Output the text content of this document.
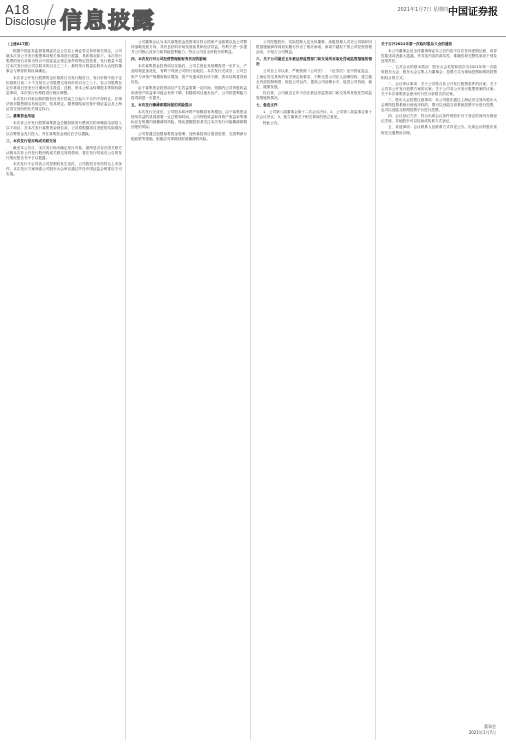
A18
Disclosure 信息披露	2021年1月7日 星期四 中国证券报

（上接A17版）

根据中国证券监督管理委员会公告及上海证券交易所相关规定，公司就本次非公开发行股票事项相关事项进行披露，具体情况如下。本次发行股票的发行对象为符合中国证监会规定条件的特定投资者，发行数量不超过本次发行前公司总股本的百分之三十，最终发行数量由股东大会授权董事会与保荐机构协商确定。

本次非公开发行股票的定价基准日为发行期首日，发行价格不低于定价基准日前二十个交易日公司股票交易均价的百分之八十。若公司股票在定价基准日至发行日期间发生派息、送股、资本公积金转增股本等除权除息事项，本次发行价格将进行相应调整。

本次发行对象认购的股份自发行结束之日起六个月内不得转让。法律法规对限售期另有规定的，依其规定。限售期结束后按中国证监会及上海证券交易所的有关规定执行。

二、募集资金用途

本次非公开发行股票募集资金总额扣除发行费用后的净额拟全部投入以下项目，在本次发行募集资金到位前，公司将根据项目进度的实际情况以自筹资金先行投入，并在募集资金到位后予以置换。

三、本次发行是否构成关联交易

截至本公告日，本次发行尚未确定发行对象，最终是否存在因关联方认购本次非公开发行股份构成关联交易的情形，将在发行结束后公告的发行情况报告书中予以披露。

本次发行不会导致公司控制权发生变化，公司股权分布仍符合上市条件。本次发行方案尚需公司股东大会审议通过并经中国证监会核准后方可实施。

公司董事会认为本次募集资金投资项目符合国家产业政策以及公司整体战略发展方向，具有良好的市场发展前景和经济效益，有利于进一步提升公司核心竞争力和持续盈利能力，符合公司及全体股东的利益。

四、本次发行对公司经营管理和财务状况的影响

本次募集资金投资项目实施后，公司主营业务规模将进一步扩大，产品结构更加优化，有利于巩固公司的行业地位。本次发行完成后，公司总资产与净资产规模将相应增加，资产负债率将有所下降，资本结构将得到优化。

由于募集资金投资项目产生效益需要一定时间，短期内公司每股收益和净资产收益率可能会有所下降，但随着项目逐步达产，公司的盈利能力将得到进一步提升。

五、本次发行摊薄即期回报的风险提示

本次发行完成后，公司股本和净资产规模将有所增加，由于募集资金使用效益的显现需要一定过程和时间，公司每股收益和净资产收益率等指标存在短期内被摊薄的风险，特此提醒投资者关注本次发行可能摊薄即期回报的风险。

公司将通过加强募集资金管理、加快募投项目建设进度、完善利润分配政策等措施，积极应对即期回报被摊薄的风险。

公司控股股东、实际控制人及全体董事、高级管理人员对公司填补回报措施能够得到切实履行作出了相应承诺，承诺不越权干预公司经营管理活动，不侵占公司利益。

六、关于公司最近五年被证券监管部门和交易所采取处罚或监管措施的情况

公司自上市以来，严格按照《公司法》、《证券法》及中国证监会、上海证券交易所的有关规定和要求，不断完善公司法人治理结构，建立健全内部控制制度，规范公司运作，提高公司治理水平，促进公司持续、稳定、健康发展。

经自查，公司最近五年不存在被证券监管部门和交易所采取处罚或监管措施的情况。

七、备查文件

1、公司第八届董事会第十二次会议决议；2、公司第八届监事会第十次会议决议；3、独立董事关于相关事项的独立意见。

特此公告。

关于召开2021年第一次临时股东大会的通知

本公司董事会及全体董事保证本公告内容不存在任何虚假记载、误导性陈述或者重大遗漏，并对其内容的真实性、准确性和完整性承担个别及连带责任。

一、召开会议的基本情况：股东大会类型和届次为2021年第一次临时股东大会；股东大会召集人为董事会；投票方式为现场投票和网络投票相结合的方式。

二、会议审议事项：关于公司符合非公开发行股票条件的议案；关于公司非公开发行股票方案的议案；关于公司非公开发行股票预案的议案；关于本次募集资金使用可行性分析报告的议案。

三、股东大会投票注意事项：本公司股东通过上海证券交易所股东大会网络投票系统行使表决权的，既可以登陆交易系统投票平台进行投票，也可以登陆互联网投票平台进行投票。

四、会议登记方法：符合出席会议条件的股东可于登记时间内办理登记手续，异地股东可以信函或传真方式登记。

五、其他事项：会议联系人及联系方式详见公告。出席会议的股东食宿及交通费用自理。

董事会
2021年1月7日
